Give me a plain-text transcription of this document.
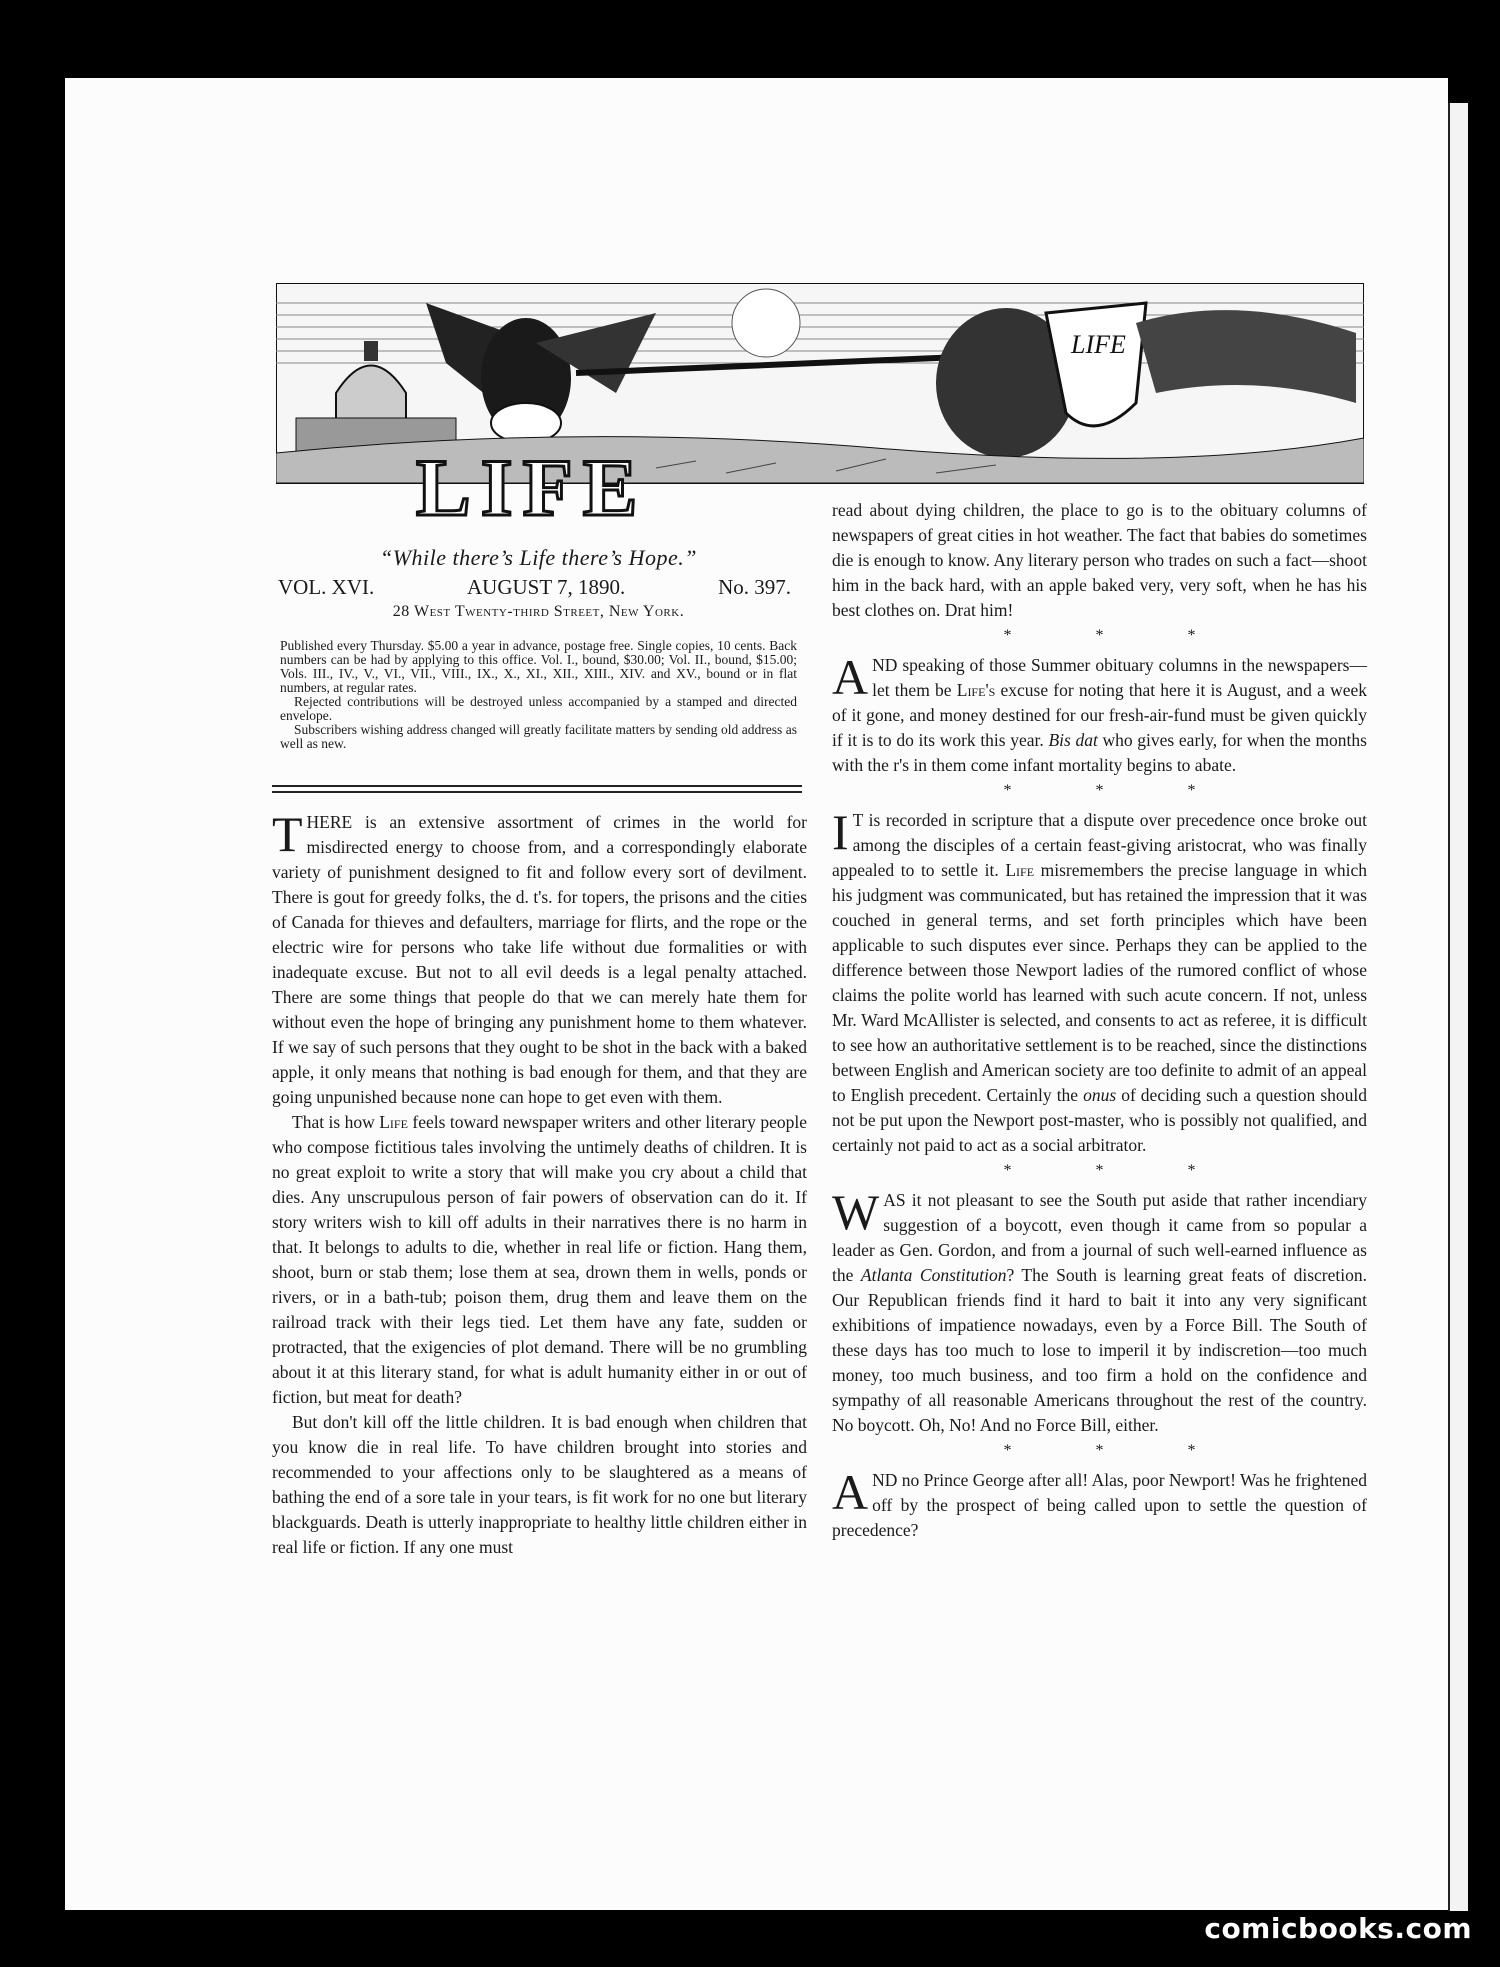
LIFE
LIFE
“While there’s Life there’s Hope.”
VOL. XVI.	AUGUST 7, 1890.	No. 397.
28 West Twenty-third Street, New York.

Published every Thursday. $5.00 a year in advance, postage free. Single copies, 10 cents. Back numbers can be had by applying to this office. Vol. I., bound, $30.00; Vol. II., bound, $15.00; Vols. III., IV., V., VI., VII., VIII., IX., X., XI., XII., XIII., XIV. and XV., bound or in flat numbers, at regular rates.

Rejected contributions will be destroyed unless accompanied by a stamped and directed envelope.

Subscribers wishing address changed will greatly facilitate matters by sending old address as well as new.

THERE is an extensive assortment of crimes in the world for misdirected energy to choose from, and a correspondingly elaborate variety of punishment designed to fit and follow every sort of devilment. There is gout for greedy folks, the d. t's. for topers, the prisons and the cities of Canada for thieves and defaulters, marriage for flirts, and the rope or the electric wire for persons who take life without due formalities or with inadequate excuse. But not to all evil deeds is a legal penalty attached. There are some things that people do that we can merely hate them for without even the hope of bringing any punishment home to them whatever. If we say of such persons that they ought to be shot in the back with a baked apple, it only means that nothing is bad enough for them, and that they are going unpunished because none can hope to get even with them.

That is how Life feels toward newspaper writers and other literary people who compose fictitious tales involving the untimely deaths of children. It is no great exploit to write a story that will make you cry about a child that dies. Any unscrupulous person of fair powers of observation can do it. If story writers wish to kill off adults in their narratives there is no harm in that. It belongs to adults to die, whether in real life or fiction. Hang them, shoot, burn or stab them; lose them at sea, drown them in wells, ponds or rivers, or in a bath-tub; poison them, drug them and leave them on the railroad track with their legs tied. Let them have any fate, sudden or protracted, that the exigencies of plot demand. There will be no grumbling about it at this literary stand, for what is adult humanity either in or out of fiction, but meat for death?

But don't kill off the little children. It is bad enough when children that you know die in real life. To have children brought into stories and recommended to your affections only to be slaughtered as a means of bathing the end of a sore tale in your tears, is fit work for no one but literary blackguards. Death is utterly inappropriate to healthy little children either in real life or fiction. If any one must

read about dying children, the place to go is to the obituary columns of newspapers of great cities in hot weather. The fact that babies do sometimes die is enough to know. Any literary person who trades on such a fact—shoot him in the back hard, with an apple baked very, very soft, when he has his best clothes on. Drat him!

* * *

AND speaking of those Summer obituary columns in the newspapers—let them be Life's excuse for noting that here it is August, and a week of it gone, and money destined for our fresh-air-fund must be given quickly if it is to do its work this year. Bis dat who gives early, for when the months with the r's in them come infant mortality begins to abate.

* * *

I T is recorded in scripture that a dispute over precedence once broke out among the disciples of a certain feast-giving aristocrat, who was finally appealed to to settle it. Life misremembers the precise language in which his judgment was communicated, but has retained the impression that it was couched in general terms, and set forth principles which have been applicable to such disputes ever since. Perhaps they can be applied to the difference between those Newport ladies of the rumored conflict of whose claims the polite world has learned with such acute concern. If not, unless Mr. Ward McAllister is selected, and consents to act as referee, it is difficult to see how an authoritative settlement is to be reached, since the distinctions between English and American society are too definite to admit of an appeal to English precedent. Certainly the onus of deciding such a question should not be put upon the Newport post-master, who is possibly not qualified, and certainly not paid to act as a social arbitrator.

* * *

WAS it not pleasant to see the South put aside that rather incendiary suggestion of a boycott, even though it came from so popular a leader as Gen. Gordon, and from a journal of such well-earned influence as the Atlanta Constitution? The South is learning great feats of discretion. Our Republican friends find it hard to bait it into any very significant exhibitions of impatience nowadays, even by a Force Bill. The South of these days has too much to lose to imperil it by indiscretion—too much money, too much business, and too firm a hold on the confidence and sympathy of all reasonable Americans throughout the rest of the country. No boycott. Oh, No! And no Force Bill, either.

* * *

AND no Prince George after all! Alas, poor Newport! Was he frightened off by the prospect of being called upon to settle the question of precedence?

comicbooks.com
